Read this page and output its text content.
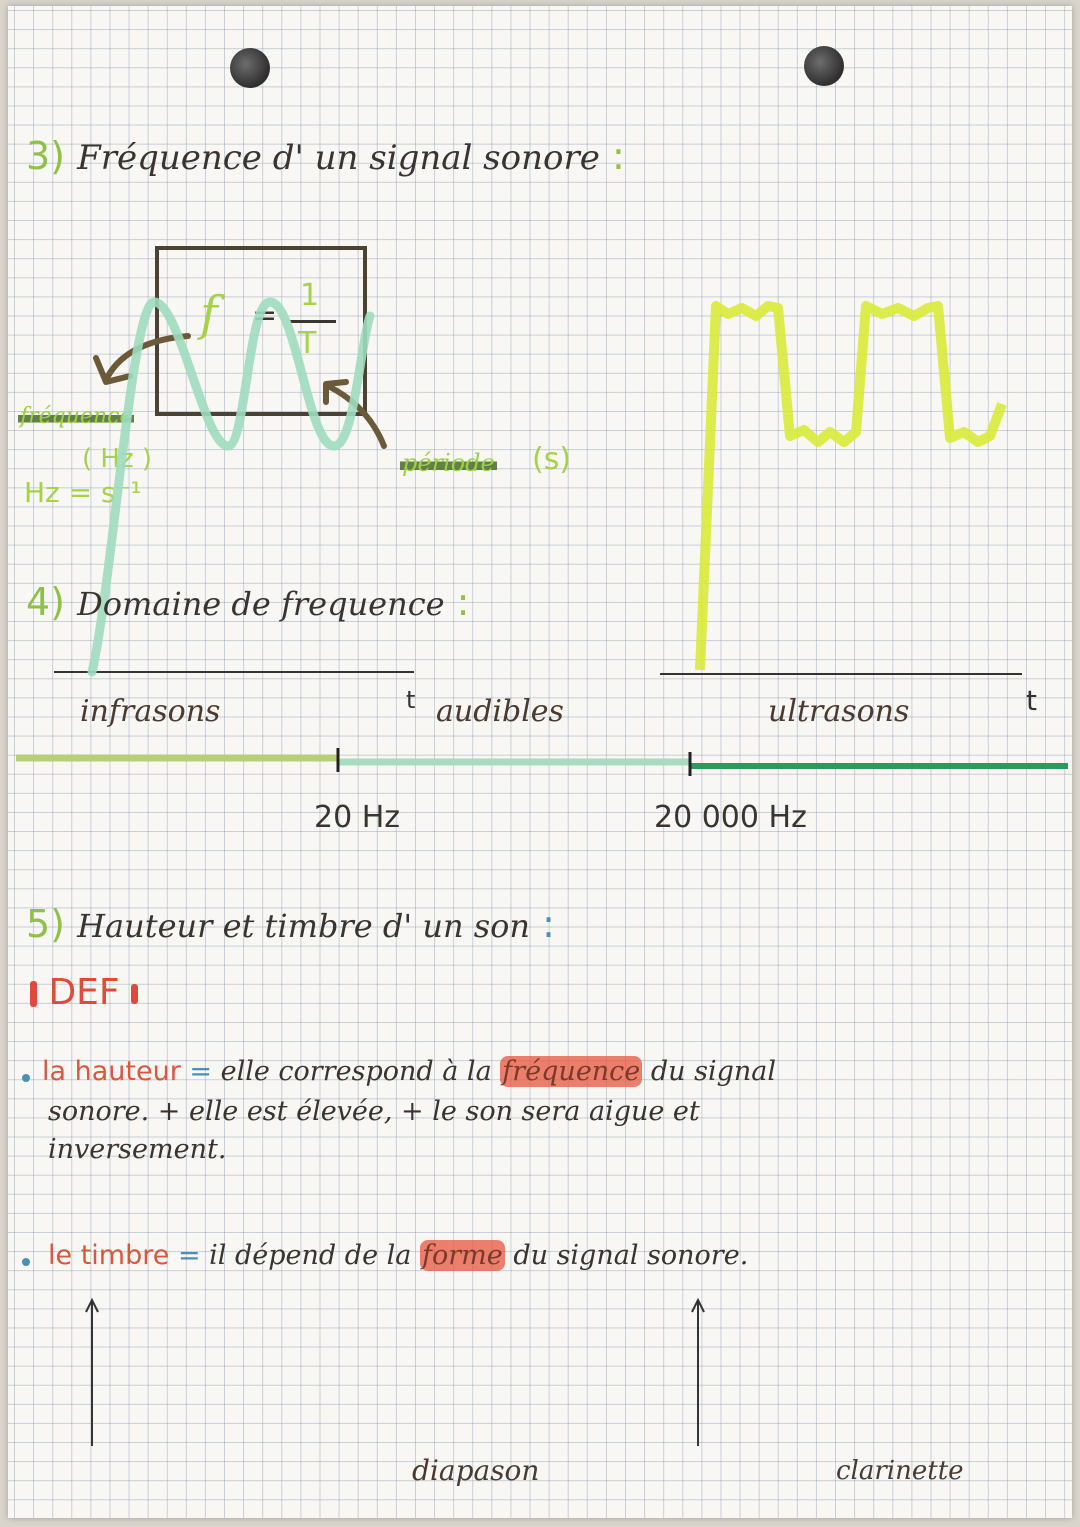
3) Fréquence d' un signal sonore :
f =
1
T
fréquence
( Hz )
Hz = s⁻¹
période (s)
4) Domaine de frequence :
infrasons	audibles	ultrasons
20 Hz	20 000 Hz
5) Hauteur et timbre d' un son :
DEF
la hauteur = elle correspond à la fréquence du signal
sonore. + elle est élevée, + le son sera aigue et
inversement.
le timbre = il dépend de la forme du signal sonore.
t	t
diapason	clarinette
